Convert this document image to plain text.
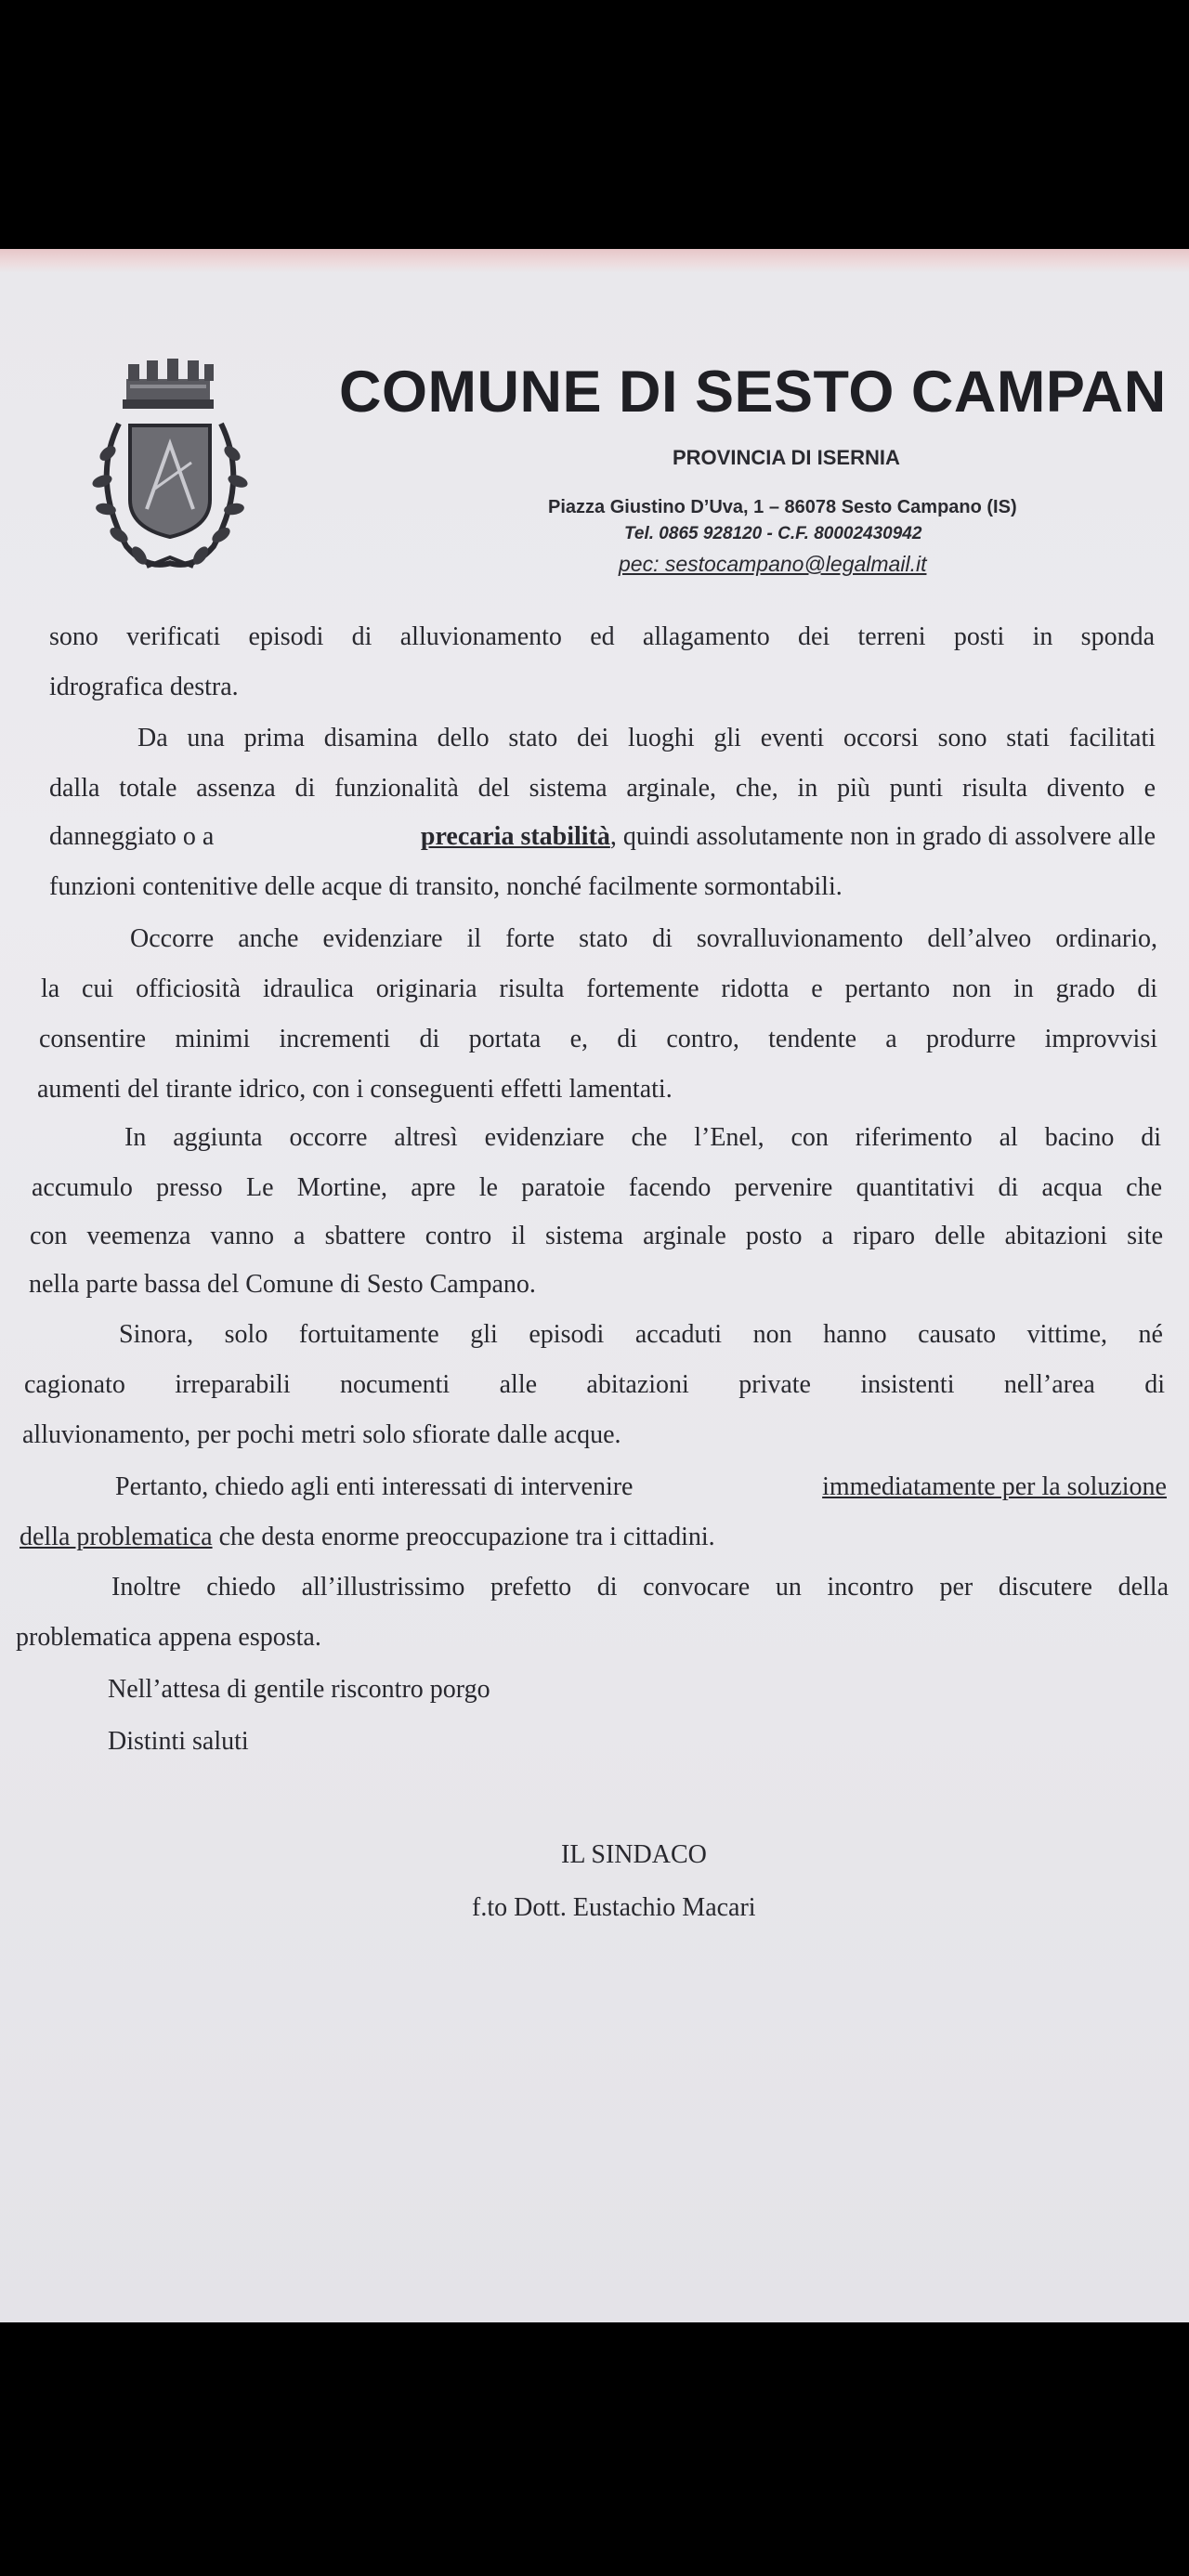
COMUNE DI SESTO CAMPAN
PROVINCIA DI ISERNIA
Piazza Giustino D’Uva, 1 – 86078 Sesto Campano (IS)
Tel. 0865 928120 - C.F. 80002430942
pec: sestocampano@legalmail.it
sono verificati episodi di alluvionamento ed allagamento dei terreni posti in sponda
idrografica destra.
Da una prima disamina dello stato dei luoghi gli eventi occorsi sono stati facilitati
dalla totale assenza di funzionalità del sistema arginale, che, in più punti risulta divento e
danneggiato o a	precaria stabilità, quindi assolutamente non in grado di assolvere alle
funzioni contenitive delle acque di transito, nonché facilmente sormontabili.
Occorre anche evidenziare il forte stato di sovralluvionamento dell’alveo ordinario,
la cui officiosità idraulica originaria risulta fortemente ridotta e pertanto non in grado di
consentire minimi incrementi di portata e, di contro, tendente a produrre improvvisi
aumenti del tirante idrico, con i conseguenti effetti lamentati.
In aggiunta occorre altresì evidenziare che l’Enel, con riferimento al bacino di
accumulo presso Le Mortine, apre le paratoie facendo pervenire quantitativi di acqua che
con veemenza vanno a sbattere contro il sistema arginale posto a riparo delle abitazioni site
nella parte bassa del Comune di Sesto Campano.
Sinora, solo fortuitamente gli episodi accaduti non hanno causato vittime, né
cagionato irreparabili nocumenti alle abitazioni private insistenti nell’area di
alluvionamento, per pochi metri solo sfiorate dalle acque.
Pertanto, chiedo agli enti interessati di intervenire	immediatamente per la soluzione
della problematica che desta enorme preoccupazione tra i cittadini.
Inoltre chiedo all’illustrissimo prefetto di convocare un incontro per discutere della
problematica appena esposta.
Nell’attesa di gentile riscontro porgo
Distinti saluti
IL SINDACO
f.to Dott. Eustachio Macari
